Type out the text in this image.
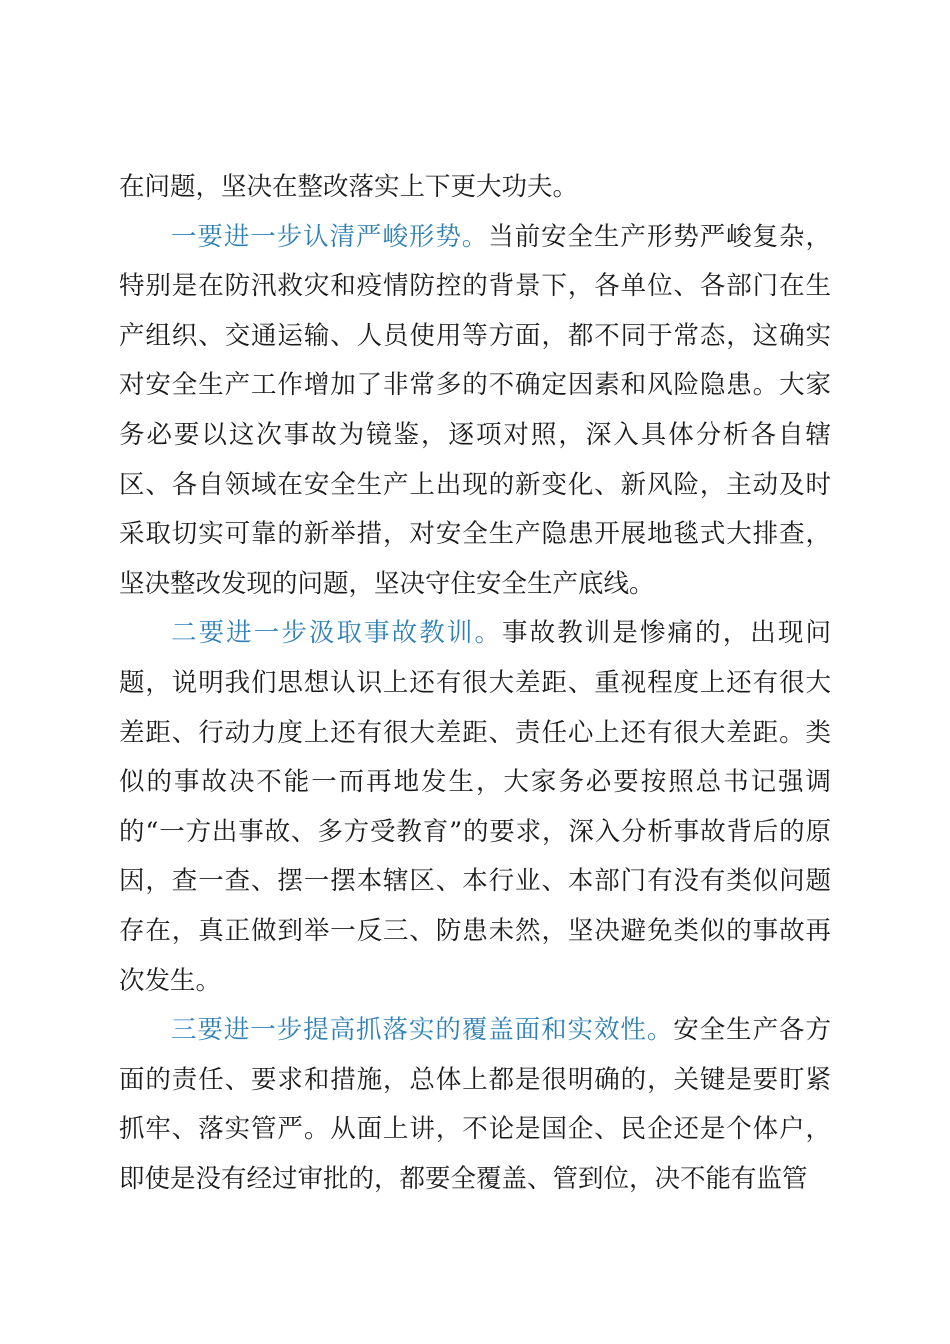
在问题，坚决在整改落实上下更大功夫。

一要进一步认清严峻形势。当前安全生产形势严峻复杂，特别是在防汛救灾和疫情防控的背景下，各单位、各部门在生产组织、交通运输、人员使用等方面，都不同于常态，这确实对安全生产工作增加了非常多的不确定因素和风险隐患。大家务必要以这次事故为镜鉴，逐项对照，深入具体分析各自辖区、各自领域在安全生产上出现的新变化、新风险，主动及时采取切实可靠的新举措，对安全生产隐患开展地毯式大排查，坚决整改发现的问题，坚决守住安全生产底线。

二要进一步汲取事故教训。事故教训是惨痛的，出现问题，说明我们思想认识上还有很大差距、重视程度上还有很大差距、行动力度上还有很大差距、责任心上还有很大差距。类似的事故决不能一而再地发生，大家务必要按照总书记强调的“一方出事故、多方受教育”的要求，深入分析事故背后的原因，查一查、摆一摆本辖区、本行业、本部门有没有类似问题存在，真正做到举一反三、防患未然，坚决避免类似的事故再次发生。

三要进一步提高抓落实的覆盖面和实效性。安全生产各方面的责任、要求和措施，总体上都是很明确的，关键是要盯紧抓牢、落实管严。从面上讲，不论是国企、民企还是个体户，即使是没有经过审批的，都要全覆盖、管到位，决不能有监管
